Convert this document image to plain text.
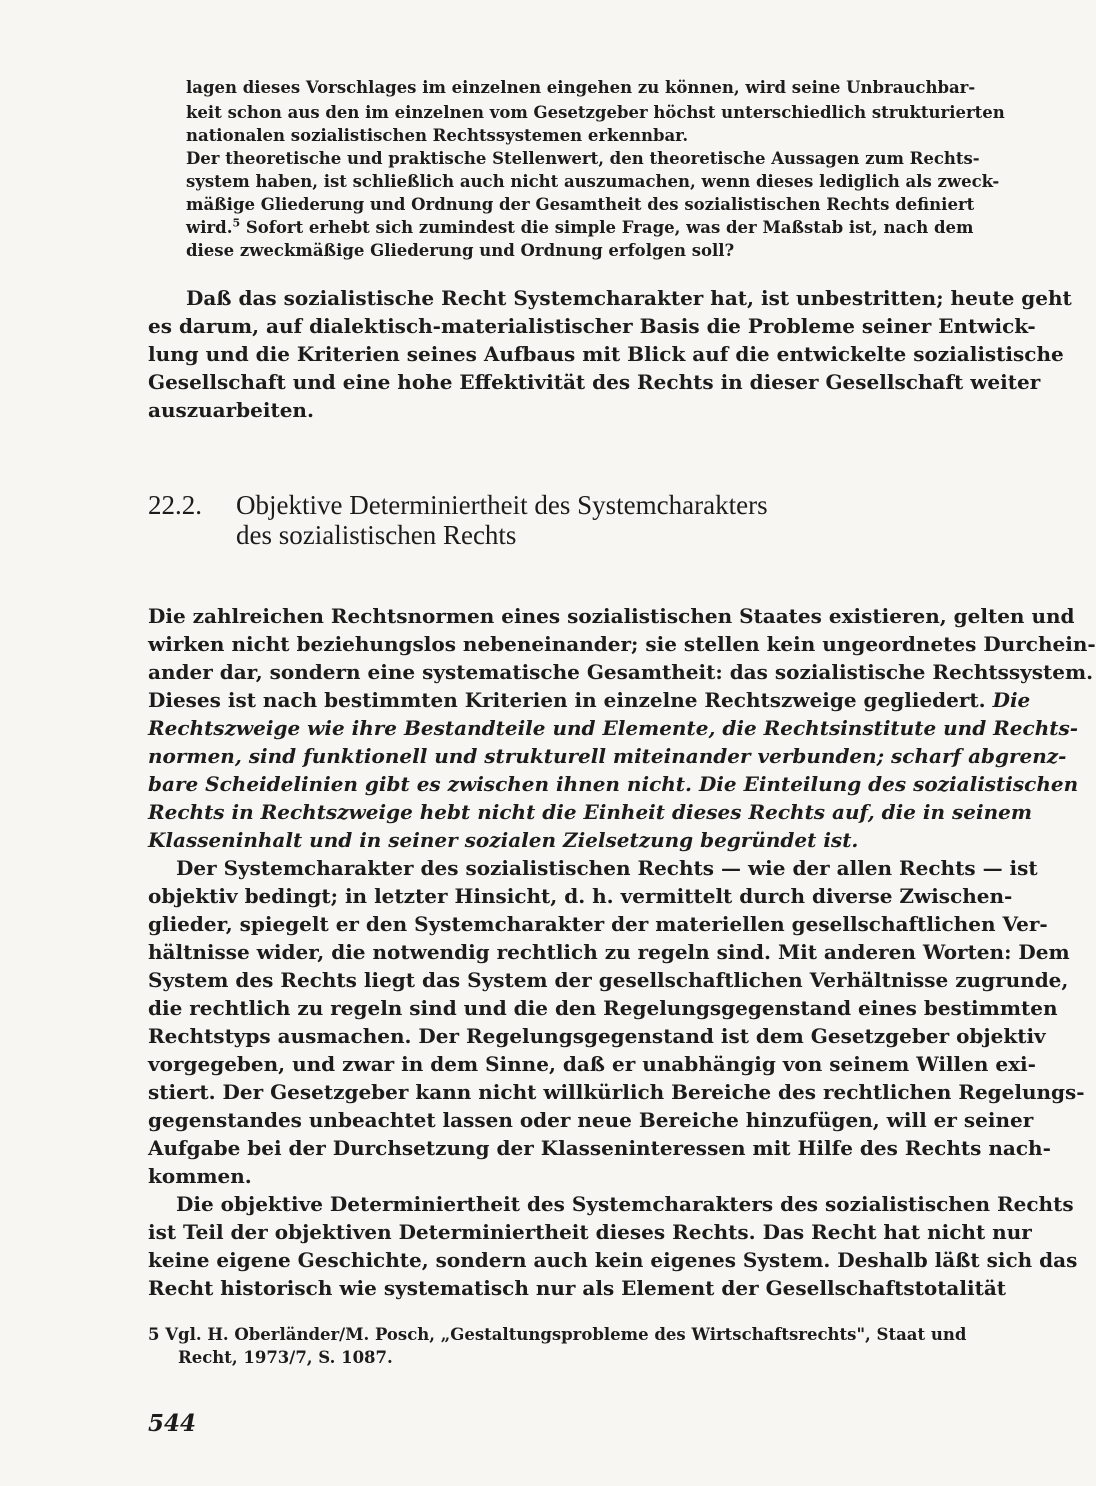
lagen dieses Vorschlages im einzelnen eingehen zu können, wird seine Unbrauchbar-

keit schon aus den im einzelnen vom Gesetzgeber höchst unterschiedlich strukturierten

nationalen sozialistischen Rechtssystemen erkennbar.

Der theoretische und praktische Stellenwert, den theoretische Aussagen zum Rechts-

system haben, ist schließlich auch nicht auszumachen, wenn dieses lediglich als zweck-

mäßige Gliederung und Ordnung der Gesamtheit des sozialistischen Rechts definiert

wird.$^5$ Sofort erhebt sich zumindest die simple Frage, was der Maßstab ist, nach dem

diese zweckmäßige Gliederung und Ordnung erfolgen soll?

Daß das sozialistische Recht Systemcharakter hat, ist unbestritten; heute geht

es darum, auf dialektisch-materialistischer Basis die Probleme seiner Entwick-

lung und die Kriterien seines Aufbaus mit Blick auf die entwickelte sozialistische

Gesellschaft und eine hohe Effektivität des Rechts in dieser Gesellschaft weiter

auszuarbeiten.

22.2. Objektive Determiniertheit des Systemcharakters
des sozialistischen Rechts

Die zahlreichen Rechtsnormen eines sozialistischen Staates existieren, gelten und

wirken nicht beziehungslos nebeneinander; sie stellen kein ungeordnetes Durchein-

ander dar, sondern eine systematische Gesamtheit: das sozialistische Rechtssystem.

Dieses ist nach bestimmten Kriterien in einzelne Rechtszweige gegliedert. Die

Rechtszweige wie ihre Bestandteile und Elemente, die Rechtsinstitute und Rechts-

normen, sind funktionell und strukturell miteinander verbunden; scharf abgrenz-

bare Scheidelinien gibt es zwischen ihnen nicht. Die Einteilung des sozialistischen

Rechts in Rechtszweige hebt nicht die Einheit dieses Rechts auf, die in seinem

Klasseninhalt und in seiner sozialen Zielsetzung begründet ist.

Der Systemcharakter des sozialistischen Rechts — wie der allen Rechts — ist

objektiv bedingt; in letzter Hinsicht, d. h. vermittelt durch diverse Zwischen-

glieder, spiegelt er den Systemcharakter der materiellen gesellschaftlichen Ver-

hältnisse wider, die notwendig rechtlich zu regeln sind. Mit anderen Worten: Dem

System des Rechts liegt das System der gesellschaftlichen Verhältnisse zugrunde,

die rechtlich zu regeln sind und die den Regelungsgegenstand eines bestimmten

Rechtstyps ausmachen. Der Regelungsgegenstand ist dem Gesetzgeber objektiv

vorgegeben, und zwar in dem Sinne, daß er unabhängig von seinem Willen exi-

stiert. Der Gesetzgeber kann nicht willkürlich Bereiche des rechtlichen Regelungs-

gegenstandes unbeachtet lassen oder neue Bereiche hinzufügen, will er seiner

Aufgabe bei der Durchsetzung der Klasseninteressen mit Hilfe des Rechts nach-

kommen.

Die objektive Determiniertheit des Systemcharakters des sozialistischen Rechts

ist Teil der objektiven Determiniertheit dieses Rechts. Das Recht hat nicht nur

keine eigene Geschichte, sondern auch kein eigenes System. Deshalb läßt sich das

Recht historisch wie systematisch nur als Element der Gesellschaftstotalität

5 Vgl. H. Oberländer/M. Posch, „Gestaltungsprobleme des Wirtschaftsrechts", Staat und

Recht, 1973/7, S. 1087.

544
